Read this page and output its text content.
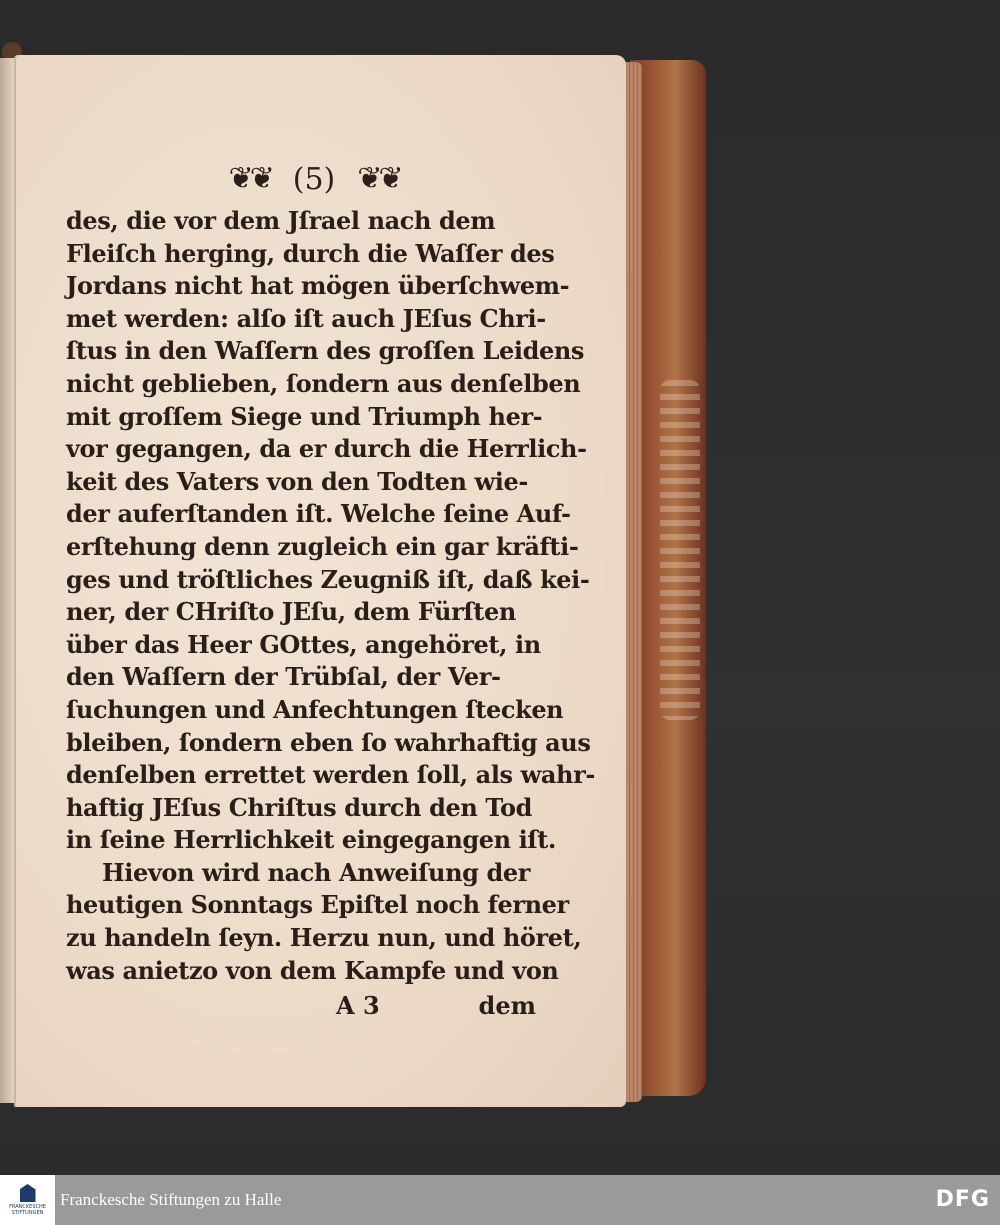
❦❦ (5) ❦❦
des, die vor dem Jſrael nach dem
Fleiſch herging, durch die Waſſer des
Jordans nicht hat mögen überſchwem-
met werden: alſo iſt auch JEſus Chri-
ſtus in den Waſſern des groſſen Leidens
nicht geblieben, ſondern aus denſelben
mit groſſem Siege und Triumph her-
vor gegangen, da er durch die Herrlich-
keit des Vaters von den Todten wie-
der auferſtanden iſt. Welche ſeine Auf-
erſtehung denn zugleich ein gar kräfti-
ges und tröſtliches Zeugniß iſt, daß kei-
ner, der CHriſto JEſu, dem Fürſten
über das Heer GOttes, angehöret, in
den Waſſern der Trübſal, der Ver-
ſuchungen und Anfechtungen ſtecken
bleiben, ſondern eben ſo wahrhaftig aus
denſelben errettet werden ſoll, als wahr-
haftig JEſus Chriſtus durch den Tod
in ſeine Herrlichkeit eingegangen iſt.
Hievon wird nach Anweiſung der
heutigen Sonntags Epiſtel noch ferner
zu handeln ſeyn. Herzu nun, und höret,
was anietzo von dem Kampfe und von
A 3	dem
FRANCKESCHE STIFTUNGEN
Franckesche Stiftungen zu Halle	DFG
